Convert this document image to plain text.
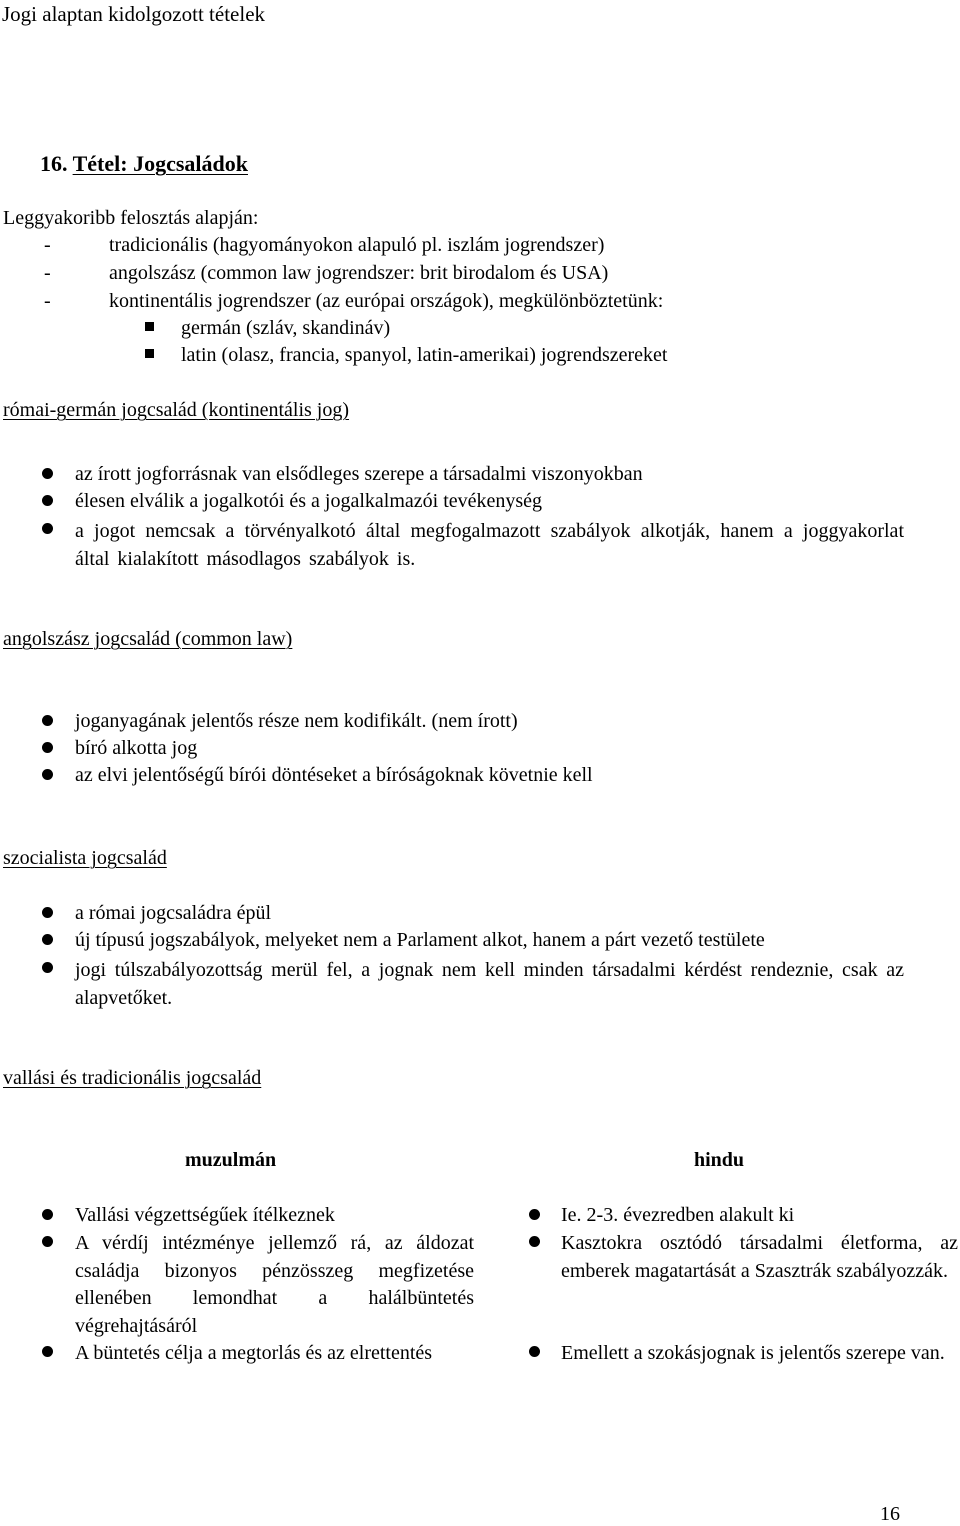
Jogi alaptan kidolgozott tételek
16. Tétel: Jogcsaládok
Leggyakoribb felosztás alapján:
-	tradicionális (hagyományokon alapuló pl. iszlám jogrendszer)
-	angolszász (common law jogrendszer: brit birodalom és USA)
-	kontinentális jogrendszer (az európai országok), megkülönböztetünk:
germán (szláv, skandináv)
latin (olasz, francia, spanyol, latin-amerikai) jogrendszereket
római-germán jogcsalád (kontinentális jog)
az írott jogforrásnak van elsődleges szerepe a társadalmi viszonyokban
élesen elválik a jogalkotói és a jogalkalmazói tevékenység
a jogot nemcsak a törvényalkotó által megfogalmazott szabályok alkotják, hanem a joggyakorlat által kialakított másodlagos szabályok is.
angolszász jogcsalád (common law)
joganyagának jelentős része nem kodifikált. (nem írott)
bíró alkotta jog
az elvi jelentőségű bírói döntéseket a bíróságoknak követnie kell
szocialista jogcsalád
a római jogcsaládra épül
új típusú jogszabályok, melyeket nem a Parlament alkot, hanem a párt vezető testülete
jogi túlszabályozottság merül fel, a jognak nem kell minden társadalmi kérdést rendeznie, csak az alapvetőket.
vallási és tradicionális jogcsalád
muzulmán
Vallási végzettségűek ítélkeznek
A vérdíj intézménye jellemző rá, az áldozat családja bizonyos pénzösszeg megfizetése ellenében lemondhat a halálbüntetés végrehajtásáról
A büntetés célja a megtorlás és az elrettentés
hindu
Ie. 2-3. évezredben alakult ki
Kasztokra osztódó társadalmi életforma, az emberek magatartását a Szasztrák szabályozzák.
Emellett a szokásjognak is jelentős szerepe van.
16
